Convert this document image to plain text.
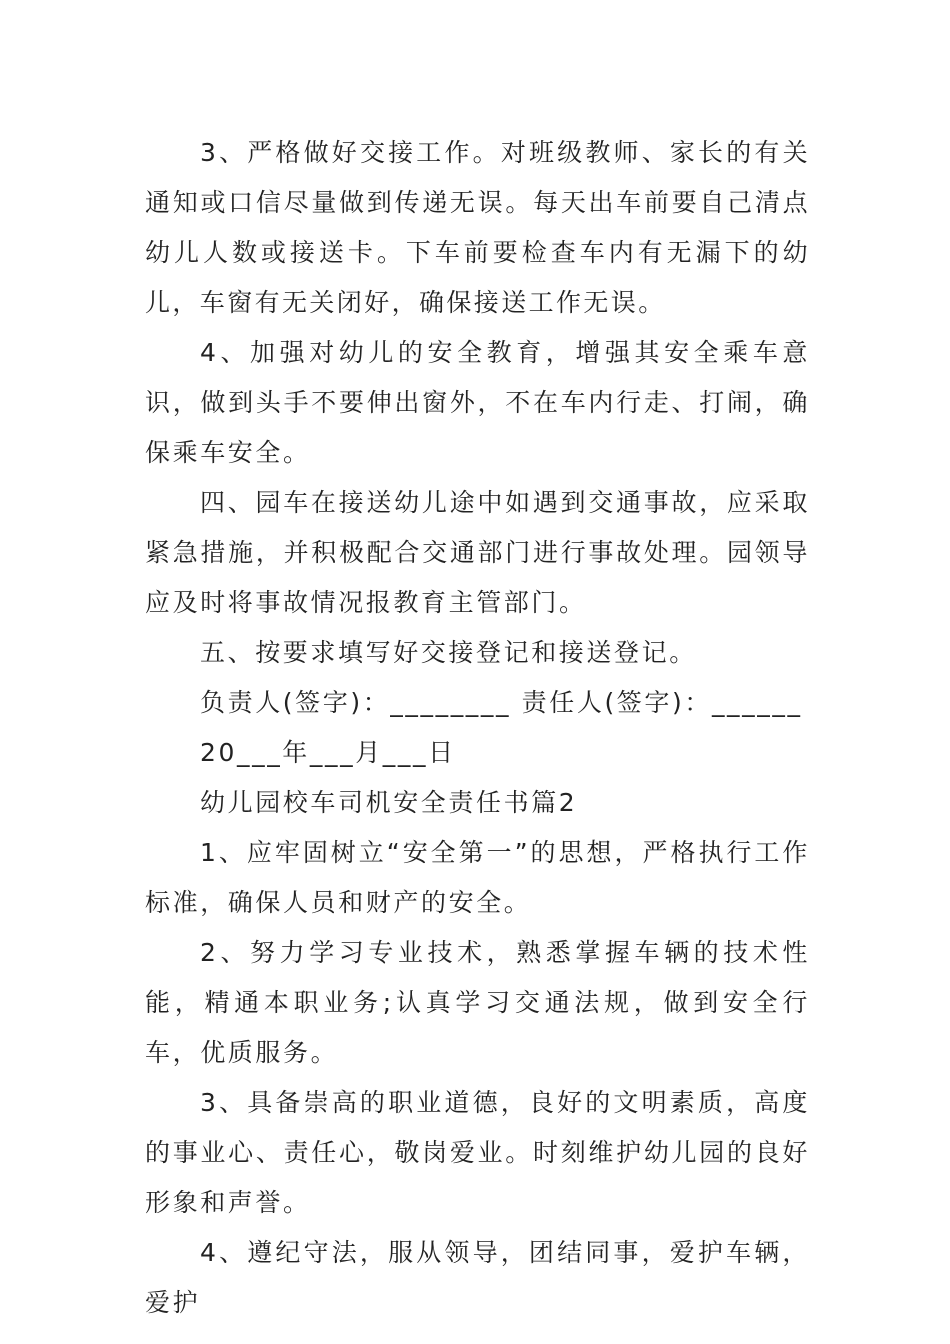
3、严格做好交接工作。对班级教师、家长的有关通知或口信尽量做到传递无误。每天出车前要自己清点幼儿人数或接送卡。下车前要检查车内有无漏下的幼儿，车窗有无关闭好，确保接送工作无误。

4、加强对幼儿的安全教育，增强其安全乘车意识，做到头手不要伸出窗外，不在车内行走、打闹，确保乘车安全。

四、园车在接送幼儿途中如遇到交通事故，应采取紧急措施，并积极配合交通部门进行事故处理。园领导应及时将事故情况报教育主管部门。

五、按要求填写好交接登记和接送登记。

负责人(签字)：________ 责任人(签字)：______

20___年___月___日

幼儿园校车司机安全责任书篇2

1、应牢固树立“安全第一”的思想，严格执行工作标准，确保人员和财产的安全。

2、努力学习专业技术，熟悉掌握车辆的技术性能，精通本职业务;认真学习交通法规，做到安全行车，优质服务。

3、具备崇高的职业道德，良好的文明素质，高度的事业心、责任心，敬岗爱业。时刻维护幼儿园的良好形象和声誉。

4、遵纪守法，服从领导，团结同事，爱护车辆，爱护
